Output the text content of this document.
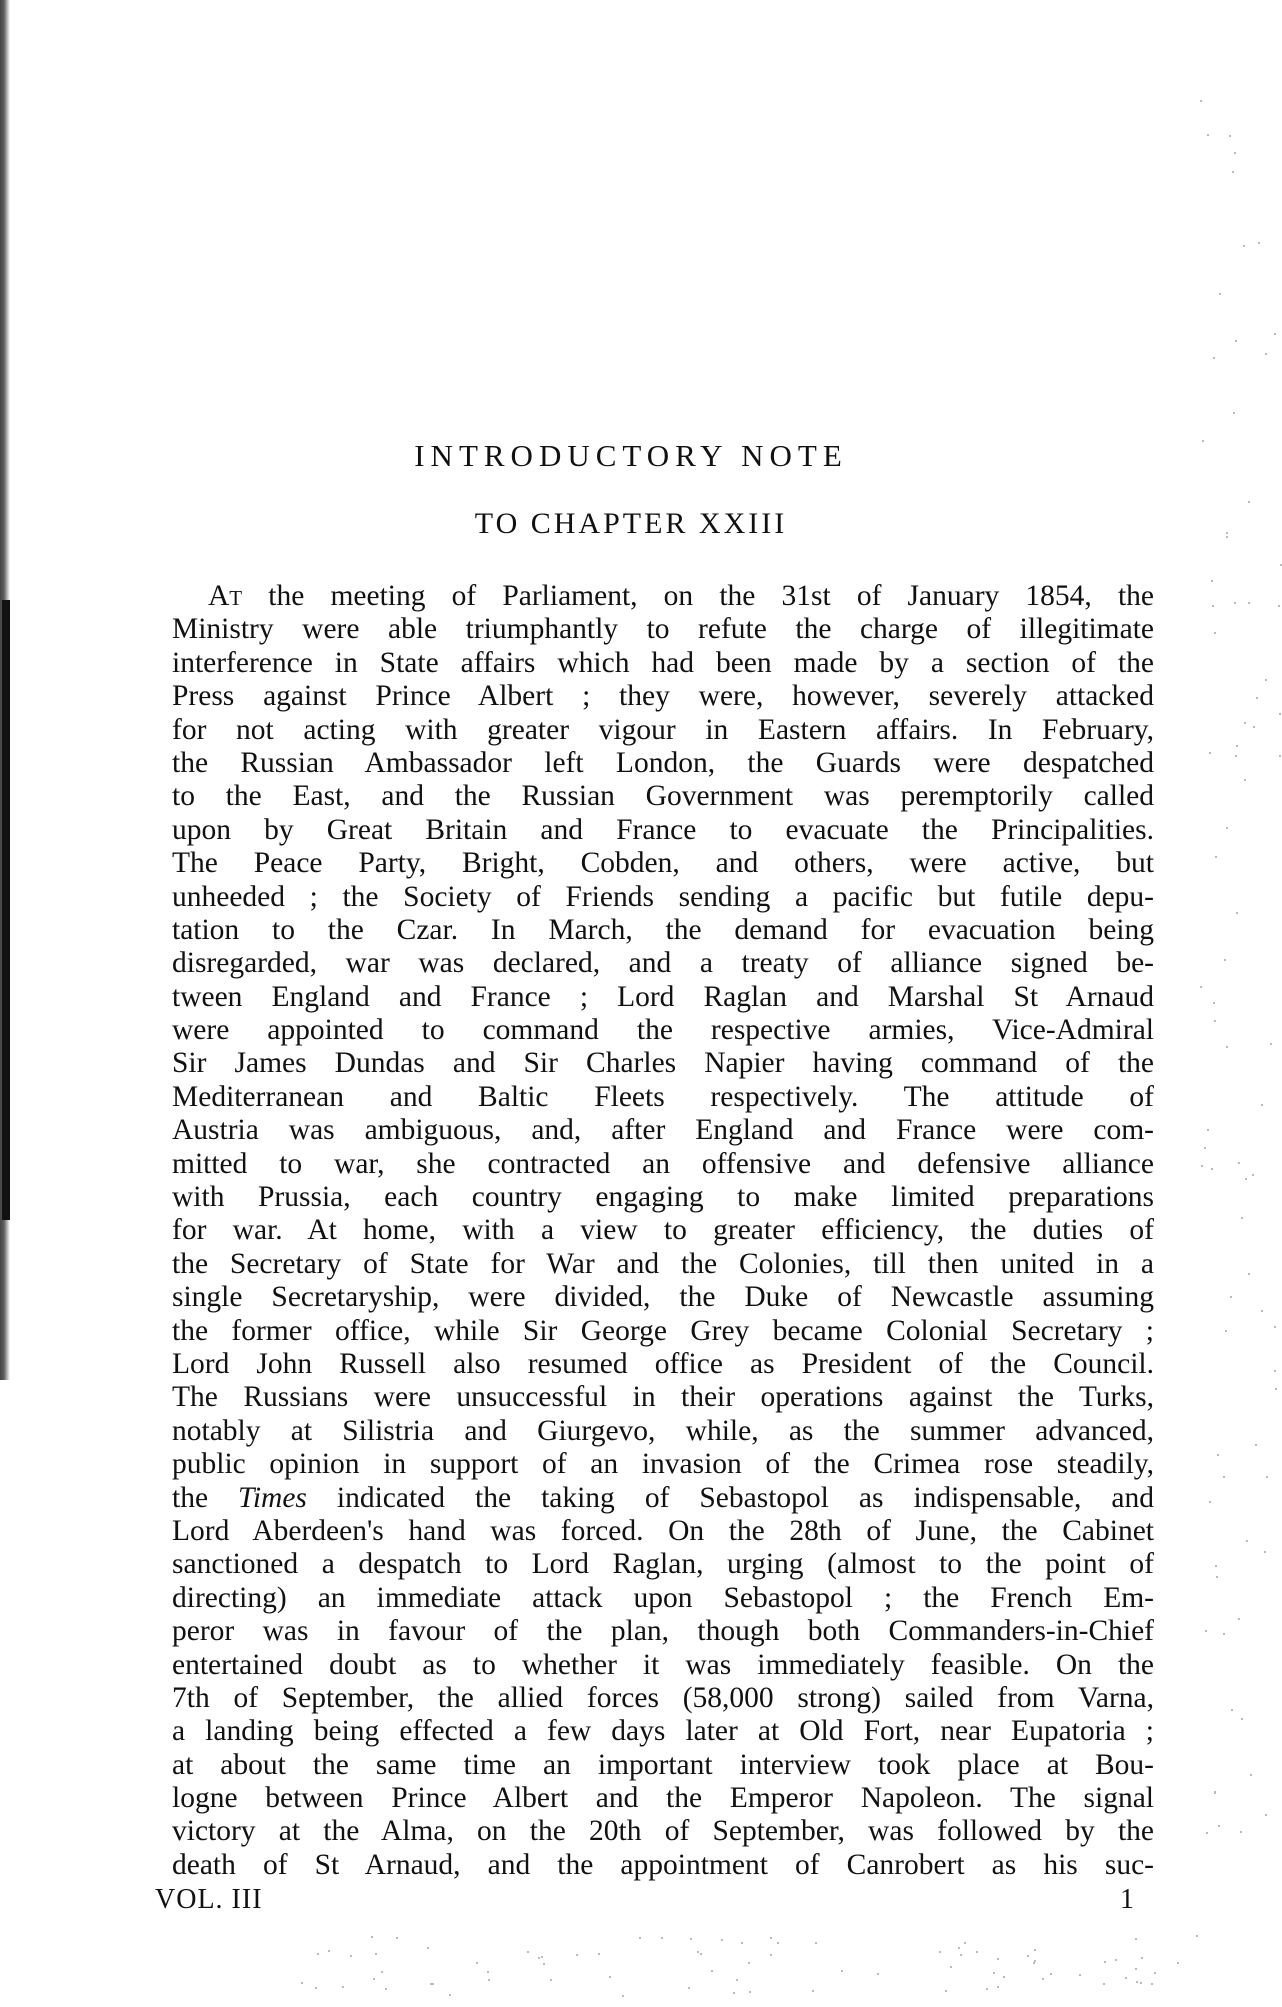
INTRODUCTORY NOTE
TO CHAPTER XXIII
At the meeting of Parliament, on the 31st of January 1854, the
Ministry were able triumphantly to refute the charge of illegitimate
interference in State affairs which had been made by a section of the
Press against Prince Albert ; they were, however, severely attacked
for not acting with greater vigour in Eastern affairs. In February,
the Russian Ambassador left London, the Guards were despatched
to the East, and the Russian Government was peremptorily called
upon by Great Britain and France to evacuate the Principalities.
The Peace Party, Bright, Cobden, and others, were active, but
unheeded ; the Society of Friends sending a pacific but futile depu-
tation to the Czar. In March, the demand for evacuation being
disregarded, war was declared, and a treaty of alliance signed be-
tween England and France ; Lord Raglan and Marshal St Arnaud
were appointed to command the respective armies, Vice-Admiral
Sir James Dundas and Sir Charles Napier having command of the
Mediterranean and Baltic Fleets respectively. The attitude of
Austria was ambiguous, and, after England and France were com-
mitted to war, she contracted an offensive and defensive alliance
with Prussia, each country engaging to make limited preparations
for war. At home, with a view to greater efficiency, the duties of
the Secretary of State for War and the Colonies, till then united in a
single Secretaryship, were divided, the Duke of Newcastle assuming
the former office, while Sir George Grey became Colonial Secretary ;
Lord John Russell also resumed office as President of the Council.
The Russians were unsuccessful in their operations against the Turks,
notably at Silistria and Giurgevo, while, as the summer advanced,
public opinion in support of an invasion of the Crimea rose steadily,
the Times indicated the taking of Sebastopol as indispensable, and
Lord Aberdeen's hand was forced. On the 28th of June, the Cabinet
sanctioned a despatch to Lord Raglan, urging (almost to the point of
directing) an immediate attack upon Sebastopol ; the French Em-
peror was in favour of the plan, though both Commanders-in-Chief
entertained doubt as to whether it was immediately feasible. On the
7th of September, the allied forces (58,000 strong) sailed from Varna,
a landing being effected a few days later at Old Fort, near Eupatoria ;
at about the same time an important interview took place at Bou-
logne between Prince Albert and the Emperor Napoleon. The signal
victory at the Alma, on the 20th of September, was followed by the
death of St Arnaud, and the appointment of Canrobert as his suc-
VOL. III	1
